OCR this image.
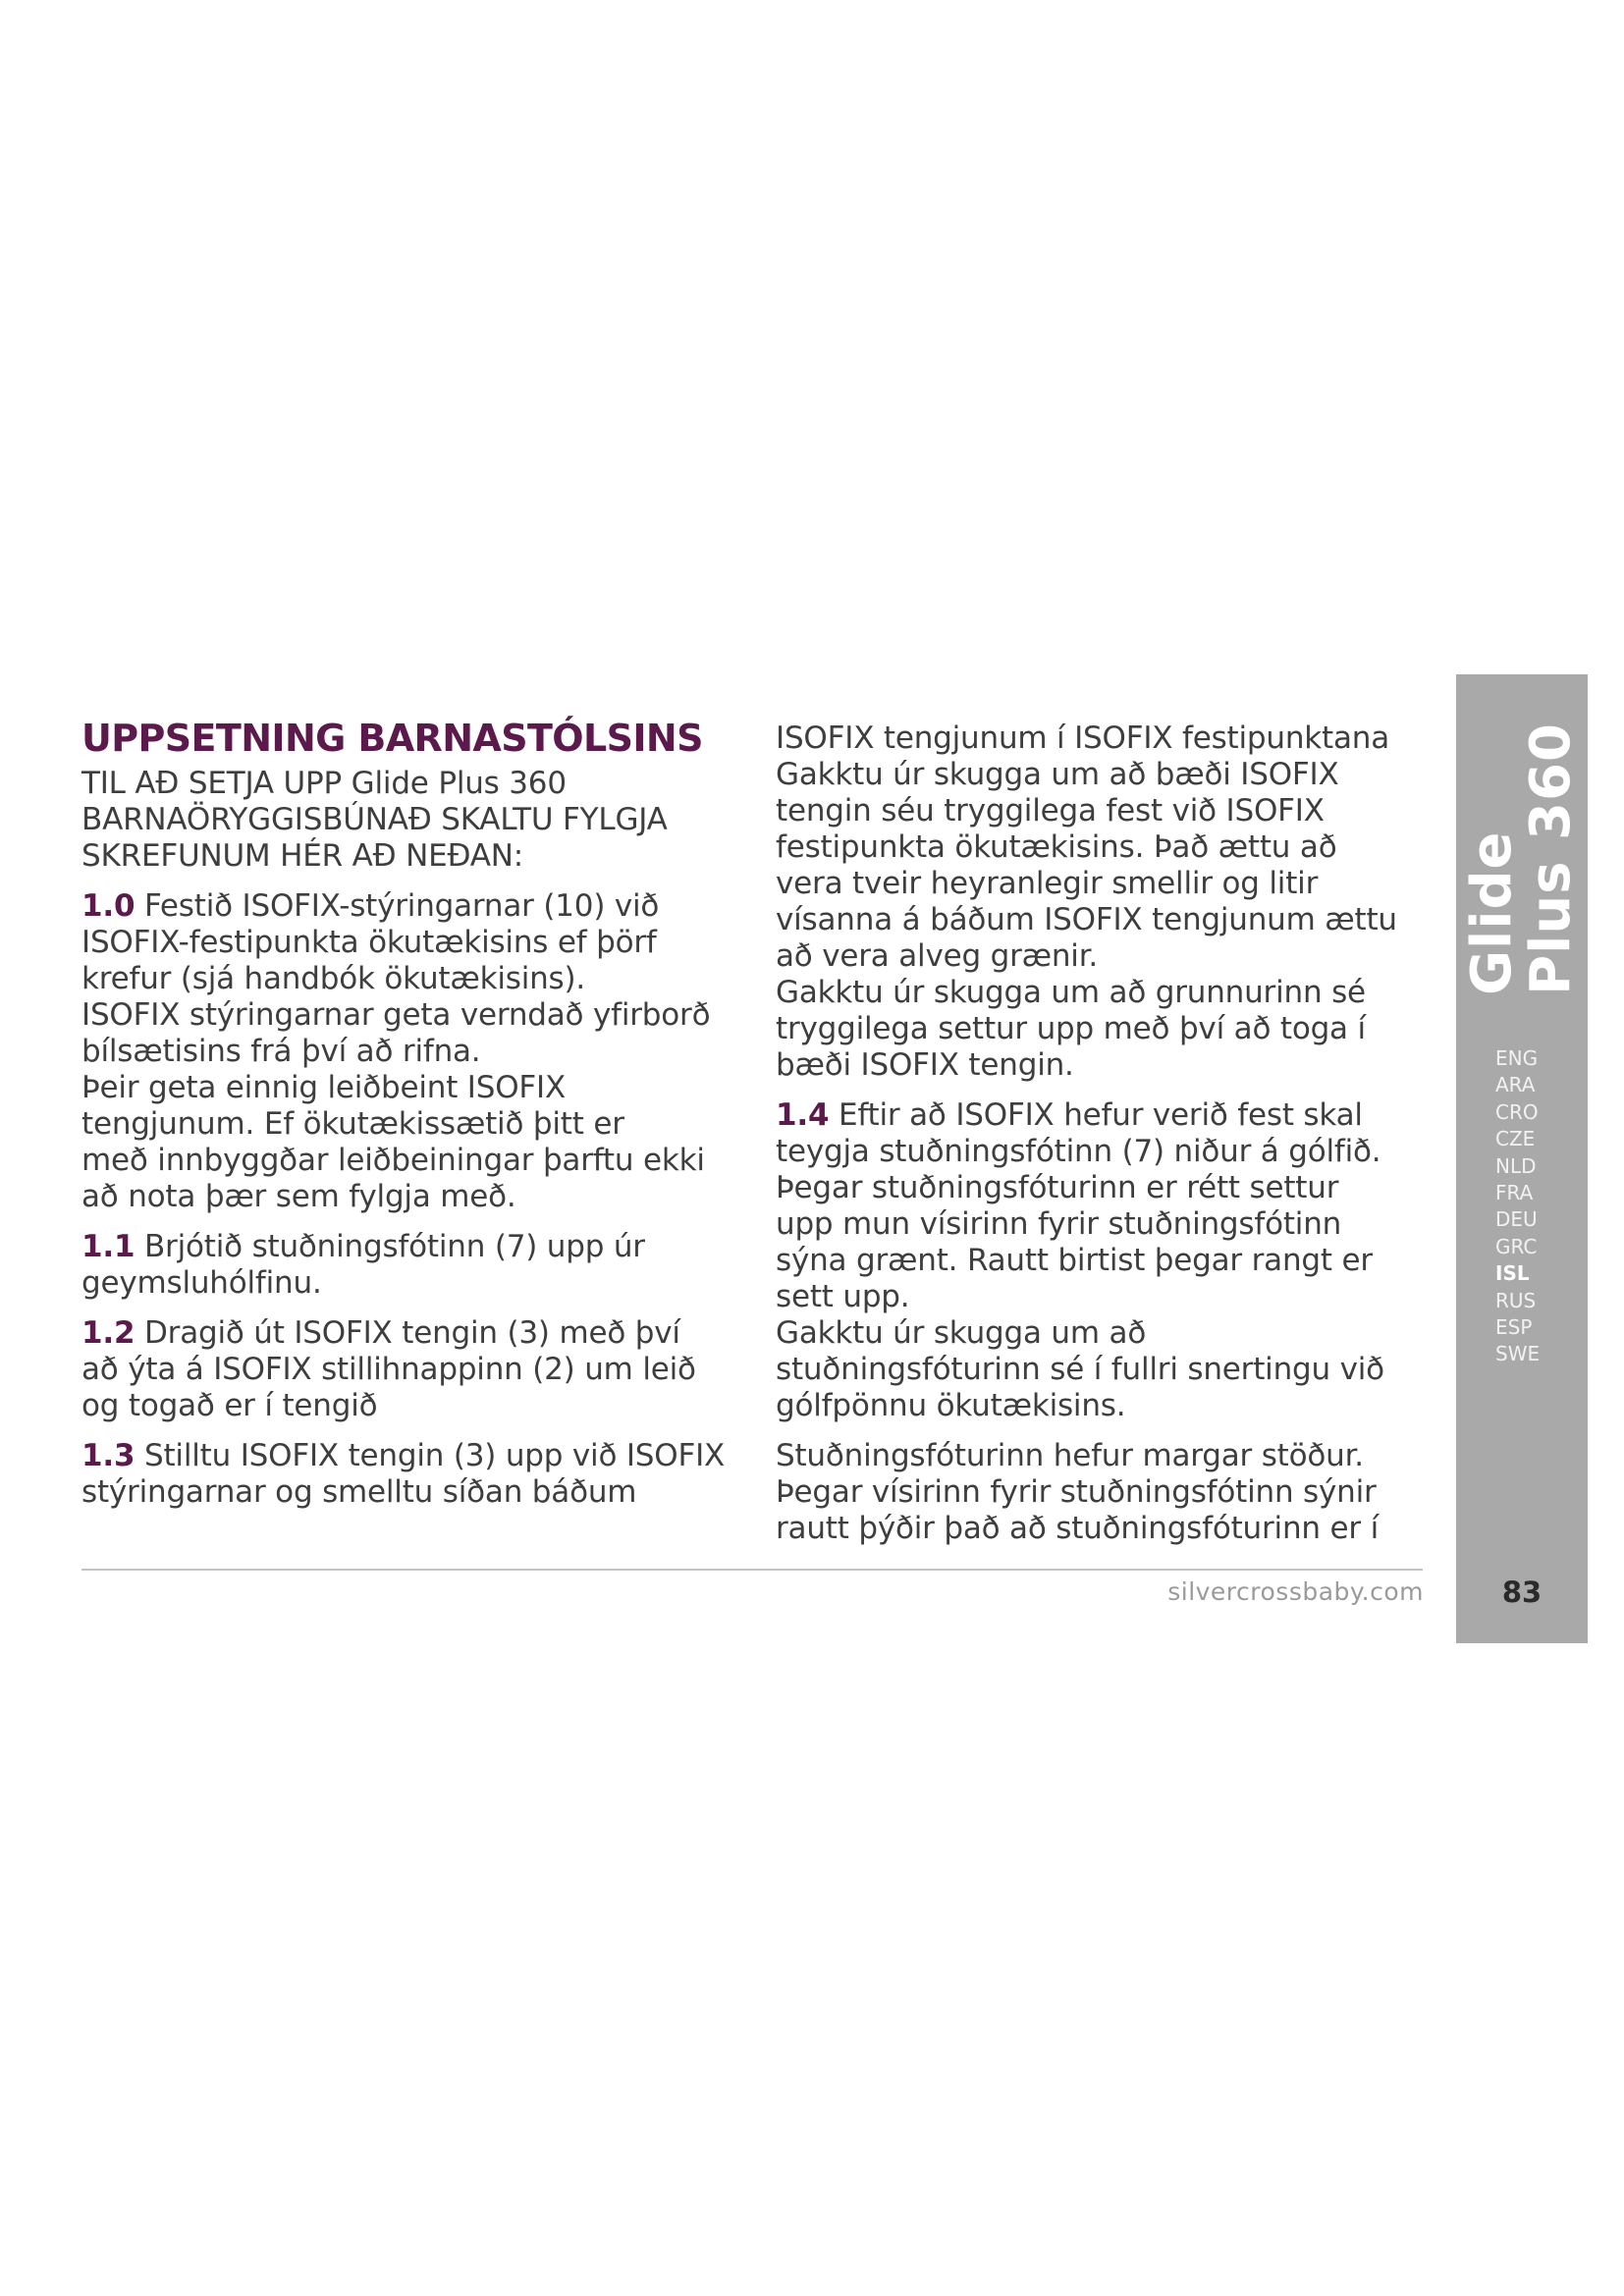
UPPSETNING BARNASTÓLSINS
TIL AÐ SETJA UPP Glide Plus 360
BARNAÖRYGGISBÚNAÐ SKALTU FYLGJA
SKREFUNUM HÉR AÐ NEÐAN:
1.0 Festið ISOFIX-stýringarnar (10) við
ISOFIX-festipunkta ökutækisins ef þörf
krefur (sjá handbók ökutækisins).
ISOFIX stýringarnar geta verndað yfirborð
bílsætisins frá því að rifna.
Þeir geta einnig leiðbeint ISOFIX
tengjunum. Ef ökutækissætið þitt er
með innbyggðar leiðbeiningar þarftu ekki
að nota þær sem fylgja með.
1.1 Brjótið stuðningsfótinn (7) upp úr
geymsluhólfinu.
1.2 Dragið út ISOFIX tengin (3) með því
að ýta á ISOFIX stillihnappinn (2) um leið
og togað er í tengið
1.3 Stilltu ISOFIX tengin (3) upp við ISOFIX
stýringarnar og smelltu síðan báðum
ISOFIX tengjunum í ISOFIX festipunktana
Gakktu úr skugga um að bæði ISOFIX
tengin séu tryggilega fest við ISOFIX
festipunkta ökutækisins. Það ættu að
vera tveir heyranlegir smellir og litir
vísanna á báðum ISOFIX tengjunum ættu
að vera alveg grænir.
Gakktu úr skugga um að grunnurinn sé
tryggilega settur upp með því að toga í
bæði ISOFIX tengin.
1.4 Eftir að ISOFIX hefur verið fest skal
teygja stuðningsfótinn (7) niður á gólfið.
Þegar stuðningsfóturinn er rétt settur
upp mun vísirinn fyrir stuðningsfótinn
sýna grænt. Rautt birtist þegar rangt er
sett upp.
Gakktu úr skugga um að
stuðningsfóturinn sé í fullri snertingu við
gólfpönnu ökutækisins.
Stuðningsfóturinn hefur margar stöður.
Þegar vísirinn fyrir stuðningsfótinn sýnir
rautt þýðir það að stuðningsfóturinn er í
silvercrossbaby.com
Glide
Plus 360
ENG
ARA
CRO
CZE
NLD
FRA
DEU
GRC
ISL
RUS
ESP
SWE
83
